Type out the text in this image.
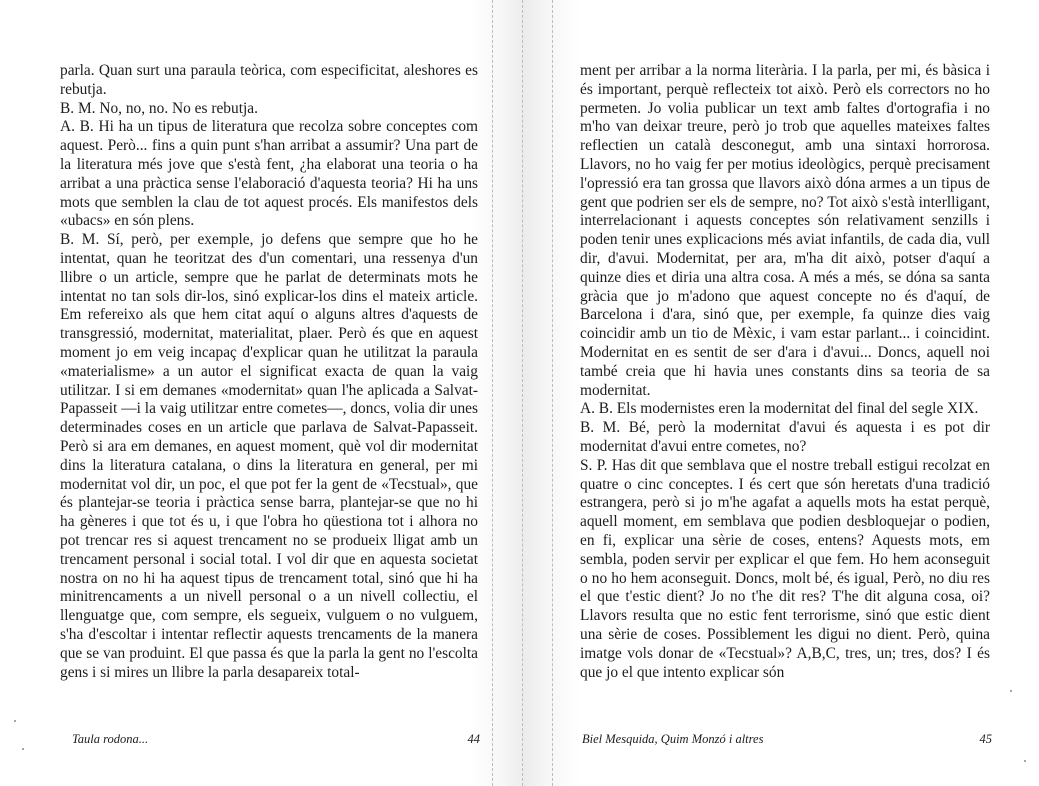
parla. Quan surt una paraula teòrica, com especificitat, aleshores es rebutja.

B. M. No, no, no. No es rebutja.

A. B. Hi ha un tipus de literatura que recolza sobre conceptes com aquest. Però... fins a quin punt s'han arribat a assumir? Una part de la literatura més jove que s'està fent, ¿ha elaborat una teoria o ha arribat a una pràctica sense l'elaboració d'aquesta teoria? Hi ha uns mots que semblen la clau de tot aquest procés. Els manifestos dels «ubacs» en són plens.

B. M. Sí, però, per exemple, jo defens que sempre que ho he intentat, quan he teoritzat des d'un comentari, una ressenya d'un llibre o un article, sempre que he parlat de determinats mots he intentat no tan sols dir-los, sinó explicar-los dins el mateix article. Em refereixo als que hem citat aquí o alguns altres d'aquests de transgressió, modernitat, materialitat, plaer. Però és que en aquest moment jo em veig incapaç d'explicar quan he utilitzat la paraula «materialisme» a un autor el significat exacta de quan la vaig utilitzar. I si em demanes «modernitat» quan l'he aplicada a Salvat-Papasseit —i la vaig utilitzar entre cometes—, doncs, volia dir unes determinades coses en un article que parlava de Salvat-Papasseit. Però si ara em demanes, en aquest moment, què vol dir modernitat dins la literatura catalana, o dins la literatura en general, per mi modernitat vol dir, un poc, el que pot fer la gent de «Tecstual», que és plantejar-se teoria i pràctica sense barra, plantejar-se que no hi ha gèneres i que tot és u, i que l'obra ho qüestiona tot i alhora no pot trencar res si aquest trencament no se produeix lligat amb un trencament personal i social total. I vol dir que en aquesta societat nostra on no hi ha aquest tipus de trencament total, sinó que hi ha minitrencaments a un nivell personal o a un nivell collectiu, el llenguatge que, com sempre, els segueix, vulguem o no vulguem, s'ha d'escoltar i intentar reflectir aquests trencaments de la manera que se van produint. El que passa és que la parla la gent no l'escolta gens i si mires un llibre la parla desapareix total-

ment per arribar a la norma literària. I la parla, per mi, és bàsica i és important, perquè reflecteix tot això. Però els correctors no ho permeten. Jo volia publicar un text amb faltes d'ortografia i no m'ho van deixar treure, però jo trob que aquelles mateixes faltes reflectien un català desconegut, amb una sintaxi horrorosa. Llavors, no ho vaig fer per motius ideològics, perquè precisament l'opressió era tan grossa que llavors això dóna armes a un tipus de gent que podrien ser els de sempre, no? Tot això s'està interlligant, interrelacionant i aquests conceptes són relativament senzills i poden tenir unes explicacions més aviat infantils, de cada dia, vull dir, d'avui. Modernitat, per ara, m'ha dit això, potser d'aquí a quinze dies et diria una altra cosa. A més a més, se dóna sa santa gràcia que jo m'adono que aquest concepte no és d'aquí, de Barcelona i d'ara, sinó que, per exemple, fa quinze dies vaig coincidir amb un tio de Mèxic, i vam estar parlant... i coincidint. Modernitat en es sentit de ser d'ara i d'avui... Doncs, aquell noi també creia que hi havia unes constants dins sa teoria de sa modernitat.

A. B. Els modernistes eren la modernitat del final del segle XIX.

B. M. Bé, però la modernitat d'avui és aquesta i es pot dir modernitat d'avui entre cometes, no?

S. P. Has dit que semblava que el nostre treball estigui recolzat en quatre o cinc conceptes. I és cert que són heretats d'una tradició estrangera, però si jo m'he agafat a aquells mots ha estat perquè, aquell moment, em semblava que podien desbloquejar o podien, en fi, explicar una sèrie de coses, entens? Aquests mots, em sembla, poden servir per explicar el que fem. Ho hem aconseguit o no ho hem aconseguit. Doncs, molt bé, és igual, Però, no diu res el que t'estic dient? Jo no t'he dit res? T'he dit alguna cosa, oi? Llavors resulta que no estic fent terrorisme, sinó que estic dient una sèrie de coses. Possiblement les digui no dient. Però, quina imatge vols donar de «Tecstual»? A,B,C, tres, un; tres, dos? I és que jo el que intento explicar són

Taula rodona...	44	Biel Mesquida, Quim Monzó i altres	45
